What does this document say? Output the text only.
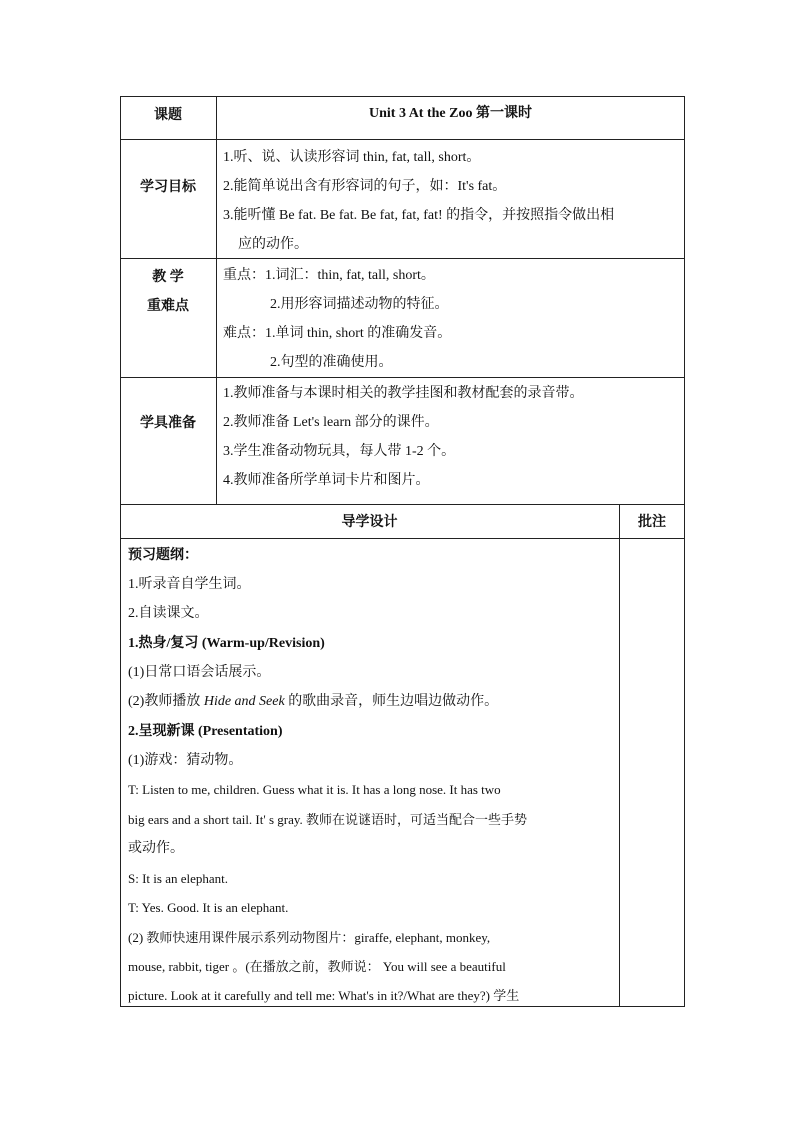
课题	Unit 3 At the Zoo 第一课时
学习目标
1.听、说、认读形容词 thin, fat, tall, short。
2.能简单说出含有形容词的句子，如：It's fat。
3.能听懂 Be fat. Be fat. Be fat, fat, fat! 的指令，并按照指令做出相
应的动作。
教 学
重难点
重点：1.词汇：thin, fat, tall, short。
2.用形容词描述动物的特征。
难点：1.单词 thin, short 的准确发音。
2.句型的准确使用。
学具准备
1.教师准备与本课时相关的教学挂图和教材配套的录音带。
2.教师准备 Let's learn 部分的课件。
3.学生准备动物玩具，每人带 1-2 个。
4.教师准备所学单词卡片和图片。
导学设计	批注
预习题纲：
1.听录音自学生词。
2.自读课文。
1.热身/复习 (Warm-up/Revision)
(1)日常口语会话展示。
(2)教师播放 Hide and Seek 的歌曲录音，师生边唱边做动作。
2.呈现新课 (Presentation)
(1)游戏：猜动物。
T: Listen to me, children. Guess what it is. It has a long nose. It has two
big ears and a short tail. It' s gray. 教师在说谜语时，可适当配合一些手势
或动作。
S: It is an elephant.
T: Yes. Good. It is an elephant.
(2) 教师快速用课件展示系列动物图片：giraffe, elephant, monkey,
mouse, rabbit, tiger 。(在播放之前，教师说： You will see a beautiful
picture. Look at it carefully and tell me: What's in it?/What are they?) 学生
